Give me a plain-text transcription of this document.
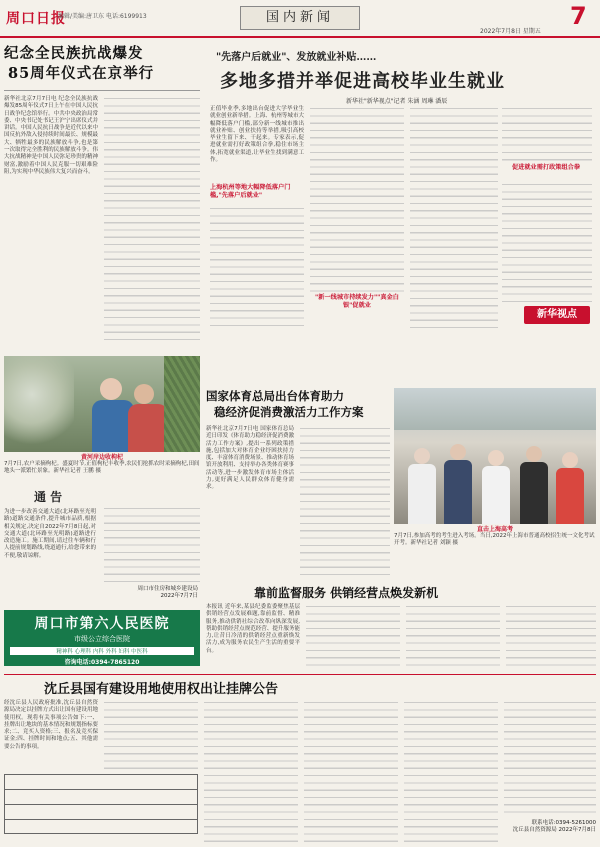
周口日报
编辑/美编:唐卫东 电话:6199913	国内新闻
2022年7月8日 星期五
7
纪念全民族抗战爆发
85周年仪式在京举行
新华社北京7月7日电 纪念全民族抗战爆发85周年仪式7日上午在中国人民抗日战争纪念馆举行。中共中央政治局常委、中央书记处书记王沪宁出席仪式并讲话。中国人民抗日战争是近代以来中国反抗外敌入侵持续时间最长、规模最大、牺牲最多的民族解放斗争,也是第一次取得完全胜利的民族解放斗争。伟大抗战精神是中国人民弥足珍贵的精神财富,激励着中国人民克服一切艰难险阻,为实现中华民族伟大复兴而奋斗。
黄河岸边收枸杞
7月7日,农户采摘枸杞。盛夏时节,正值枸杞丰收季,农民们抢抓农时采摘枸杞,田间地头一派繁忙景象。新华社记者 王鹏 摄
通 告
为进一步改善交通大道(北环路至光明路)道路交通条件,提升城市品质,根据相关规定,决定自2022年7月8日起,对交通大道(北环路至光明路)道路进行改造施工。施工期间,请过往车辆和行人提前规划路线,绕道通行,给您带来的不便,敬请谅解。
周口市住房和城乡建设局
2022年7月7日
周口市第六人民医院
市级公立综合医院
精神科 心理科 内科 外科 妇科 中医科
咨询电话:0394-7865120
"先落户后就业"、发放就业补贴……
多地多措并举促进高校毕业生就业
新华社"新华视点"记者 朱涵 周琳 潘辰
正值毕业季,多地出台促进大学毕业生就业创业新举措。上海、杭州等城市大幅降低落户门槛,部分新一线城市推出就业补贴、创业扶持等举措,吸引高校毕业生留下来、干起来。专家表示,促进就业需打好政策组合拳,稳住市场主体,拓宽就业渠道,让毕业生找到满意工作。
上海杭州等地大幅降低落户门槛,"先落户后就业"
"新一线城市持续发力""真金白银"促就业
促进就业需打政策组合拳
新华视点
国家体育总局出台体育助力
稳经济促消费激活力工作方案
新华社北京7月7日电 国家体育总局近日印发《体育助力稳经济促消费激活力工作方案》,提出一系列政策措施,包括加大对体育企业纾困扶持力度、丰富体育消费场景、推动体育场馆开放利用、支持举办各类体育赛事活动等,进一步激发体育市场主体活力,更好满足人民群众体育健身需求。
直击上海高考
7月7日,参加高考的考生进入考场。当日,2022年上海市普通高校招生统一文化考试开考。新华社记者 刘颖 摄
靠前监督服务 供销经营点焕发新机
本报讯 近年来,某县纪委监委聚焦基层供销经营点发展难题,靠前监督、精准服务,推动供销社综合改革向纵深发展,帮助供销经营点规范经营、提升服务能力,让昔日冷清的供销经营点重新焕发活力,成为服务农民生产生活的重要平台。
沈丘县国有建设用地使用权出让挂牌公告
经沈丘县人民政府批准,沈丘县自然资源局决定以挂牌方式出让国有建设用地使用权。现将有关事项公告如下:一、挂牌出让地块的基本情况和规划指标要求;二、竞买人资格;三、报名及竞买保证金;四、挂牌时间和地点;五、其他需要公告的事项。
联系电话:0394-5261000
沈丘县自然资源局 2022年7月8日
